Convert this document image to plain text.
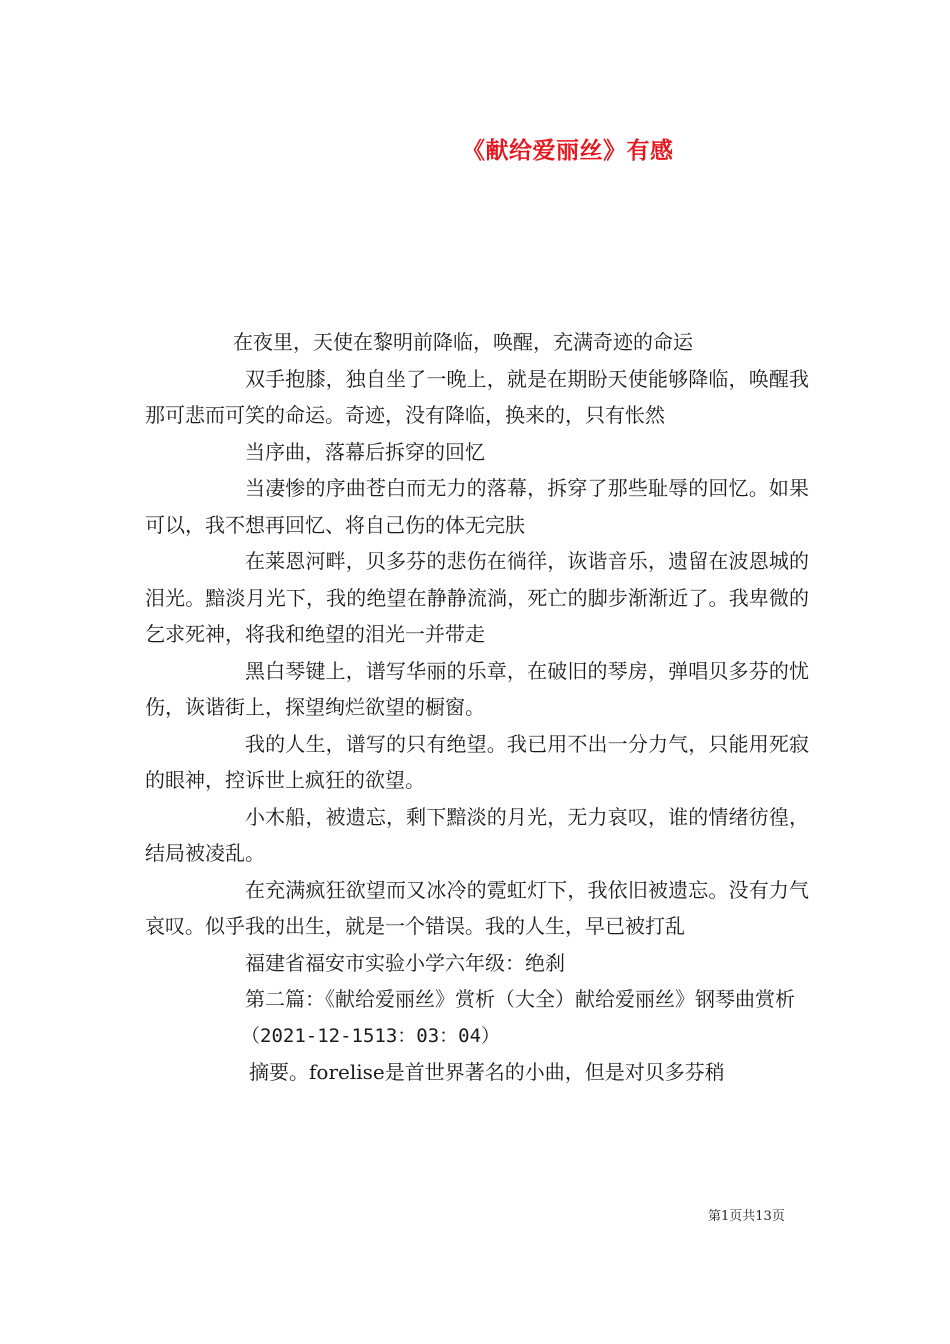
《献给爱丽丝》有感

在夜里，天使在黎明前降临，唤醒，充满奇迹的命运

双手抱膝，独自坐了一晚上，就是在期盼天使能够降临，唤醒我那可悲而可笑的命运。奇迹，没有降临，换来的，只有怅然

当序曲，落幕后拆穿的回忆

当凄惨的序曲苍白而无力的落幕，拆穿了那些耻辱的回忆。如果可以，我不想再回忆、将自己伤的体无完肤

在莱恩河畔，贝多芬的悲伤在徜徉，诙谐音乐，遗留在波恩城的泪光。黯淡月光下，我的绝望在静静流淌，死亡的脚步渐渐近了。我卑微的乞求死神，将我和绝望的泪光一并带走

黑白琴键上，谱写华丽的乐章，在破旧的琴房，弹唱贝多芬的忧伤，诙谐街上，探望绚烂欲望的橱窗。

我的人生，谱写的只有绝望。我已用不出一分力气，只能用死寂的眼神，控诉世上疯狂的欲望。

小木船，被遗忘，剩下黯淡的月光，无力哀叹，谁的情绪彷徨，结局被凌乱。

在充满疯狂欲望而又冰冷的霓虹灯下，我依旧被遗忘。没有力气哀叹。似乎我的出生，就是一个错误。我的人生，早已被打乱

福建省福安市实验小学六年级：绝刹

第二篇：《献给爱丽丝》赏析（大全）献给爱丽丝》钢琴曲赏析

（2021-12-1513：03：04）

摘要。forelise是首世界著名的小曲，但是对贝多芬稍

第1页共13页
